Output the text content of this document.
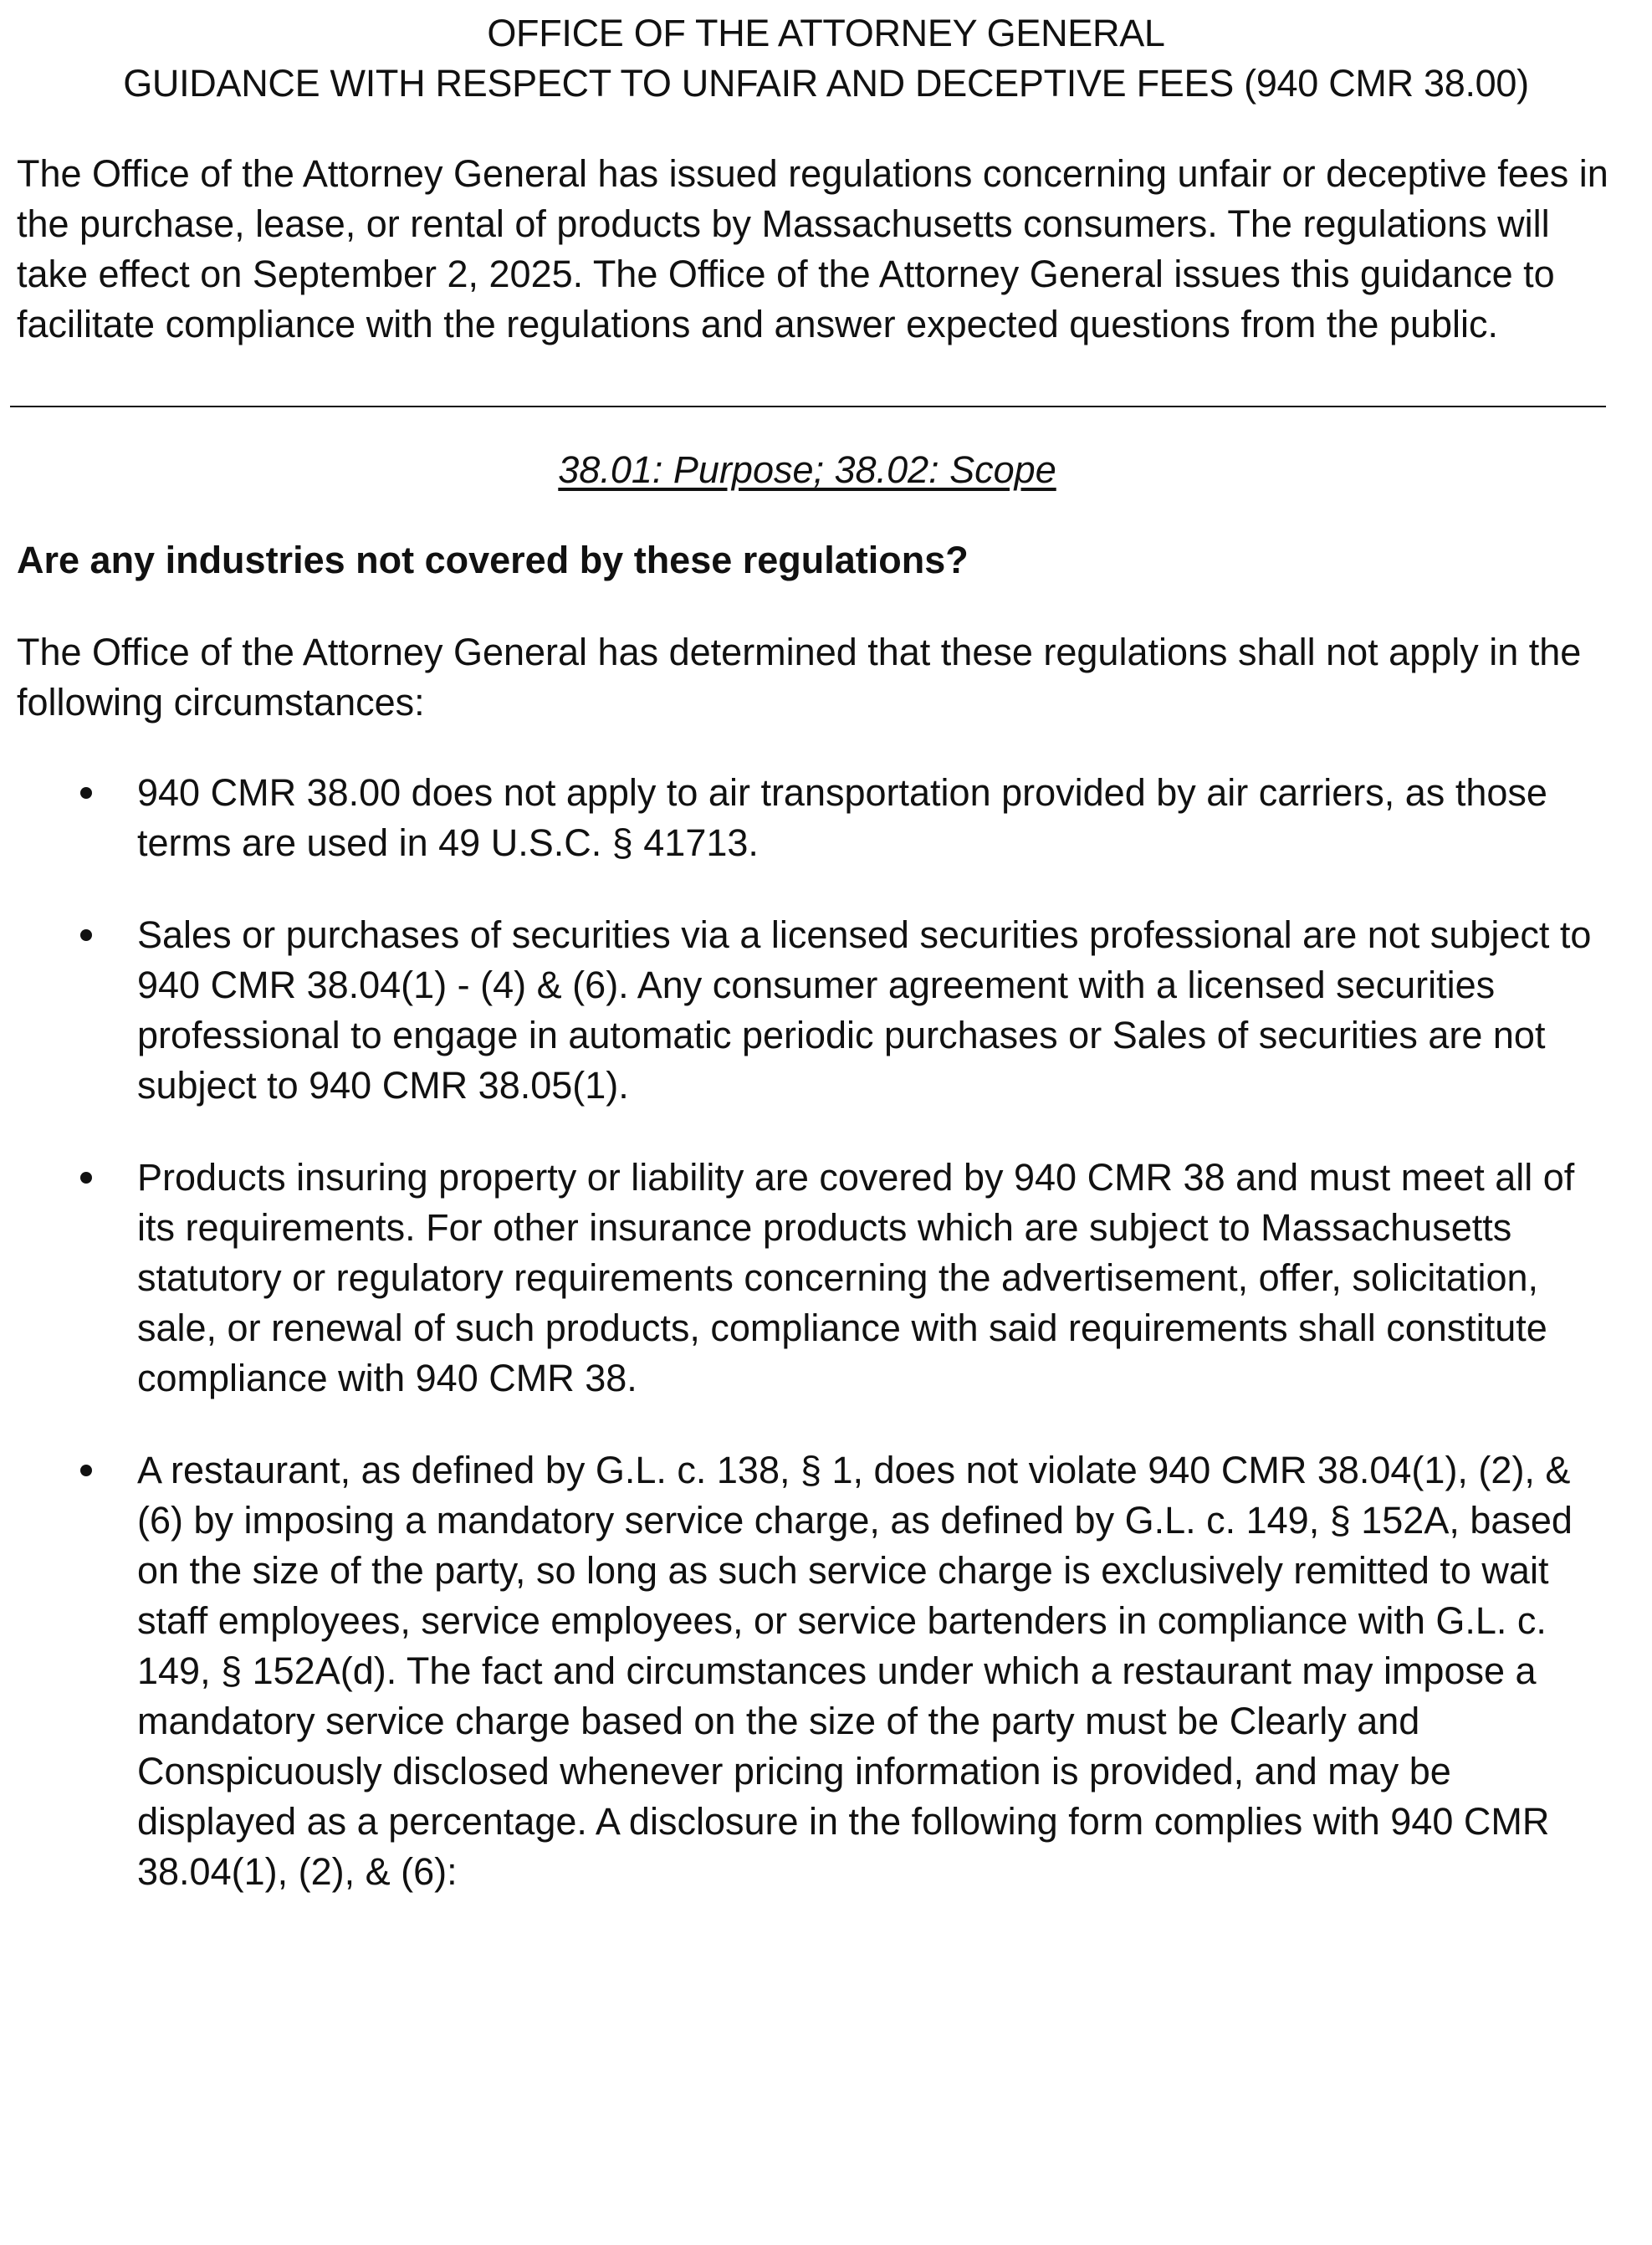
OFFICE OF THE ATTORNEY GENERAL
GUIDANCE WITH RESPECT TO UNFAIR AND DECEPTIVE FEES (940 CMR 38.00)
The Office of the Attorney General has issued regulations concerning unfair or deceptive fees in the purchase, lease, or rental of products by Massachusetts consumers. The regulations will take effect on September 2, 2025. The Office of the Attorney General issues this guidance to facilitate compliance with the regulations and answer expected questions from the public.
38.01: Purpose; 38.02: Scope
Are any industries not covered by these regulations?
The Office of the Attorney General has determined that these regulations shall not apply in the following circumstances:
940 CMR 38.00 does not apply to air transportation provided by air carriers, as those terms are used in 49 U.S.C. § 41713.
Sales or purchases of securities via a licensed securities professional are not subject to 940 CMR 38.04(1) - (4) & (6). Any consumer agreement with a licensed securities professional to engage in automatic periodic purchases or Sales of securities are not subject to 940 CMR 38.05(1).
Products insuring property or liability are covered by 940 CMR 38 and must meet all of its requirements. For other insurance products which are subject to Massachusetts statutory or regulatory requirements concerning the advertisement, offer, solicitation, sale, or renewal of such products, compliance with said requirements shall constitute compliance with 940 CMR 38.
A restaurant, as defined by G.L. c. 138, § 1, does not violate 940 CMR 38.04(1), (2), & (6) by imposing a mandatory service charge, as defined by G.L. c. 149, § 152A, based on the size of the party, so long as such service charge is exclusively remitted to wait staff employees, service employees, or service bartenders in compliance with G.L. c. 149, § 152A(d). The fact and circumstances under which a restaurant may impose a mandatory service charge based on the size of the party must be Clearly and Conspicuously disclosed whenever pricing information is provided, and may be displayed as a percentage. A disclosure in the following form complies with 940 CMR 38.04(1), (2), & (6):
